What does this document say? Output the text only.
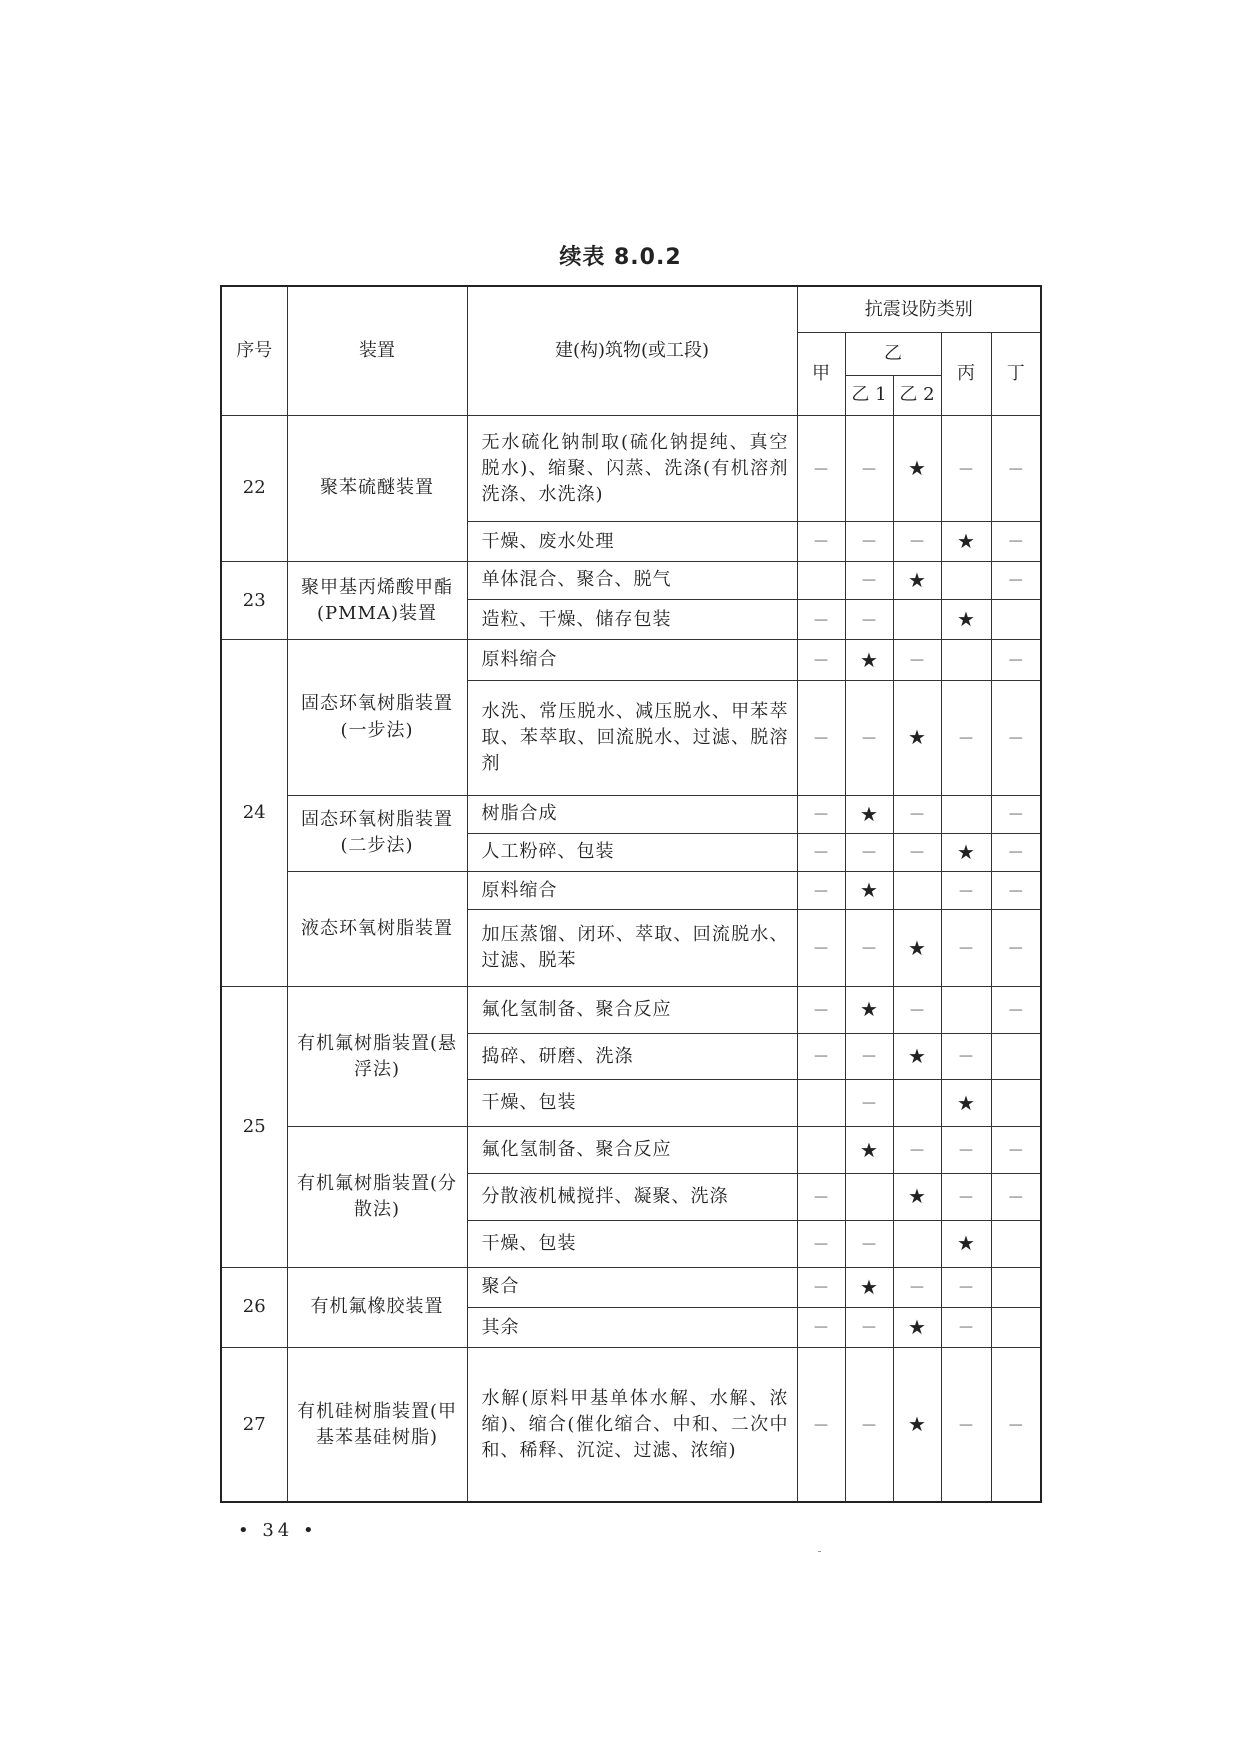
续表 8.0.2
序号	装置	建(构)筑物(或工段)	抗震设防类别				
			甲	乙		丙	丁
				乙 1	乙 2		
22	聚苯硫醚装置	无水硫化钠制取(硫化钠提纯、真空脱水)、缩聚、闪蒸、洗涤(有机溶剂洗涤、水洗涤)	—	—	★	—	—
		干燥、废水处理	—	—	—	★	—
23	聚甲基丙烯酸甲酯(PMMA)装置	单体混合、聚合、脱气		—	★		—
		造粒、干燥、储存包装	—	—		★	
24	固态环氧树脂装置(一步法)	原料缩合	—	★	—		—
		水洗、常压脱水、减压脱水、甲苯萃取、苯萃取、回流脱水、过滤、脱溶剂	—	—	★	—	—
	固态环氧树脂装置(二步法)	树脂合成	—	★	—		—
		人工粉碎、包装	—	—	—	★	—
	液态环氧树脂装置	原料缩合	—	★		—	—
		加压蒸馏、闭环、萃取、回流脱水、过滤、脱苯	—	—	★	—	—
25	有机氟树脂装置(悬浮法)	氟化氢制备、聚合反应	—	★	—		—
		捣碎、研磨、洗涤	—	—	★	—	
		干燥、包装		—		★	
	有机氟树脂装置(分散法)	氟化氢制备、聚合反应		★	—	—	—
		分散液机械搅拌、凝聚、洗涤	—		★	—	—
		干燥、包装	—	—		★	
26	有机氟橡胶装置	聚合	—	★	—	—	
		其余	—	—	★	—	
27	有机硅树脂装置(甲基苯基硅树脂)	水解(原料甲基单体水解、水解、浓缩)、缩合(催化缩合、中和、二次中和、稀释、沉淀、过滤、浓缩)	—	—	★	—	—
• 34 •
